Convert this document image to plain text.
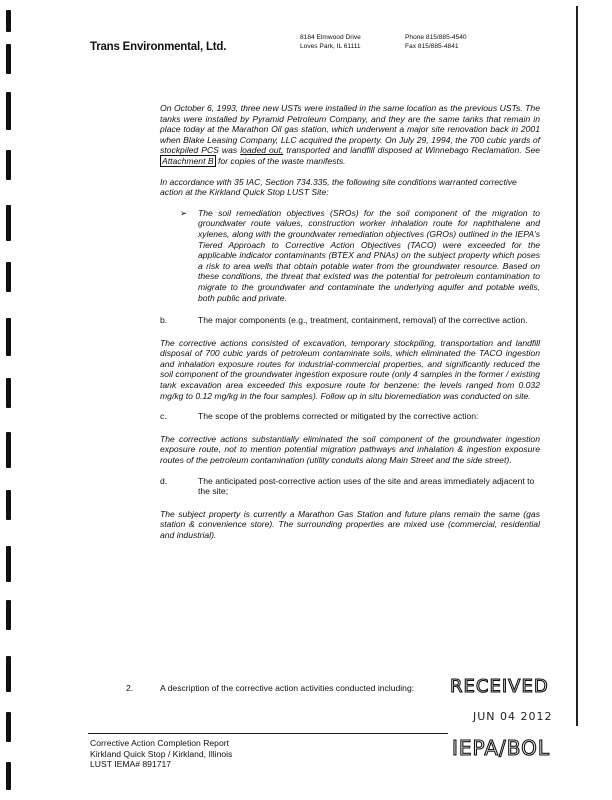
Trans Environmental, Ltd.
8184 Elmwood Drive
Loves Park, IL 61111
Phone 815/885-4540
Fax 815/885-4841

On October 6, 1993, three new USTs were installed in the same location as the previous USTs. The tanks were installed by Pyramid Petroleum Company, and they are the same tanks that remain in place today at the Marathon Oil gas station, which underwent a major site renovation back in 2001 when Blake Leasing Company, LLC acquired the property. On July 29, 1994, the 700 cubic yards of stockpiled PCS was loaded out, transported and landfill disposed at Winnebago Reclamation. See Attachment B for copies of the waste manifests.

In accordance with 35 IAC, Section 734.335, the following site conditions warranted corrective action at the Kirkland Quick Stop LUST Site:

➢ The soil remediation objectives (SROs) for the soil component of the migration to groundwater route values, construction worker inhalation route for naphthalene and xylenes, along with the groundwater remediation objectives (GROs) outlined in the IEPA's Tiered Approach to Corrective Action Objectives (TACO) were exceeded for the applicable indicator contaminants (BTEX and PNAs) on the subject property which poses a risk to area wells that obtain potable water from the groundwater resource. Based on these conditions, the threat that existed was the potential for petroleum contamination to migrate to the groundwater and contaminate the underlying aquifer and potable wells, both public and private.
b.	The major components (e.g., treatment, containment, removal) of the corrective action.

The corrective actions consisted of excavation, temporary stockpiling, transportation and landfill disposal of 700 cubic yards of petroleum contaminate soils, which eliminated the TACO ingestion and inhalation exposure routes for industrial-commercial properties, and significantly reduced the soil component of the groundwater ingestion exposure route (only 4 samples in the former / existing tank excavation area exceeded this exposure route for benzene: the levels ranged from 0.032 mg/kg to 0.12 mg/kg in the four samples). Follow up in situ bioremediation was conducted on site.

c.	The scope of the problems corrected or mitigated by the corrective action:

The corrective actions substantially eliminated the soil component of the groundwater ingestion exposure route, not to mention potential migration pathways and inhalation & ingestion exposure routes of the petroleum contamination (utility conduits along Main Street and the side street).

d.	The anticipated post-corrective action uses of the site and areas immediately adjacent to the site;

The subject property is currently a Marathon Gas Station and future plans remain the same (gas station & convenience store). The surrounding properties are mixed use (commercial, residential and industrial).

2.	A description of the corrective action activities conducted including: RECEIVED
JUN 04 2012
IEPA/BOL
Corrective Action Completion Report
Kirkland Quick Stop / Kirkland, Illinois
LUST IEMA# 891717
